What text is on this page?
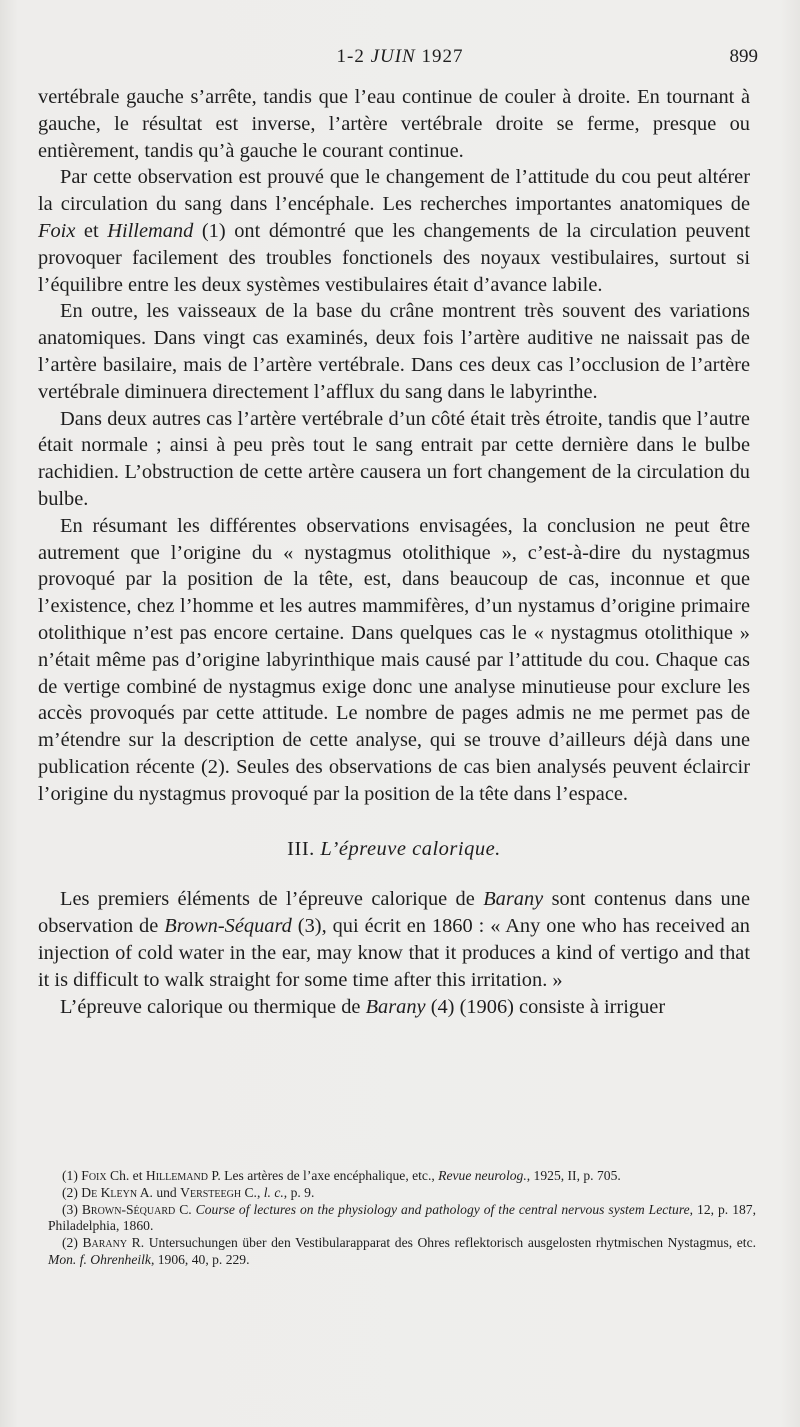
1-2 JUIN 1927	899

vertébrale gauche s’arrête, tandis que l’eau continue de couler à droite. En tournant à gauche, le résultat est inverse, l’artère vertébrale droite se ferme, presque ou entièrement, tandis qu’à gauche le courant continue.

Par cette observation est prouvé que le changement de l’attitude du cou peut altérer la circulation du sang dans l’encéphale. Les recherches importantes anatomiques de Foix et Hillemand (1) ont démontré que les changements de la circulation peuvent provoquer facilement des troubles fonctionels des noyaux vestibulaires, surtout si l’équilibre entre les deux systèmes vestibulaires était d’avance labile.

En outre, les vaisseaux de la base du crâne montrent très souvent des variations anatomiques. Dans vingt cas examinés, deux fois l’artère auditive ne naissait pas de l’artère basilaire, mais de l’artère vertébrale. Dans ces deux cas l’occlusion de l’artère vertébrale diminuera directement l’afflux du sang dans le labyrinthe.

Dans deux autres cas l’artère vertébrale d’un côté était très étroite, tandis que l’autre était normale ; ainsi à peu près tout le sang entrait par cette dernière dans le bulbe rachidien. L’obstruction de cette artère causera un fort changement de la circulation du bulbe.

En résumant les différentes observations envisagées, la conclusion ne peut être autrement que l’origine du « nystagmus otolithique », c’est-à-dire du nystagmus provoqué par la position de la tête, est, dans beaucoup de cas, inconnue et que l’existence, chez l’homme et les autres mammifères, d’un nystamus d’origine primaire otolithique n’est pas encore certaine. Dans quelques cas le « nystagmus otolithique » n’était même pas d’origine labyrinthique mais causé par l’attitude du cou. Chaque cas de vertige combiné de nystagmus exige donc une analyse minutieuse pour exclure les accès provoqués par cette attitude. Le nombre de pages admis ne me permet pas de m’étendre sur la description de cette analyse, qui se trouve d’ailleurs déjà dans une publication récente (2). Seules des observations de cas bien analysés peuvent éclaircir l’origine du nystagmus provoqué par la position de la tête dans l’espace.

III. L’épreuve calorique.

Les premiers éléments de l’épreuve calorique de Barany sont contenus dans une observation de Brown-Séquard (3), qui écrit en 1860 : « Any one who has received an injection of cold water in the ear, may know that it produces a kind of vertigo and that it is difficult to walk straight for some time after this irritation. »

L’épreuve calorique ou thermique de Barany (4) (1906) consiste à irriguer

(1) Foix Ch. et Hillemand P. Les artères de l’axe encéphalique, etc., Revue neurolog., 1925, II, p. 705.

(2) De Kleyn A. und Versteegh C., l. c., p. 9.

(3) Brown-Séquard C. Course of lectures on the physiology and pathology of the central nervous system Lecture, 12, p. 187, Philadelphia, 1860.

(2) Barany R. Untersuchungen über den Vestibularapparat des Ohres reflektorisch ausgelosten rhytmischen Nystagmus, etc. Mon. f. Ohrenheilk, 1906, 40, p. 229.
